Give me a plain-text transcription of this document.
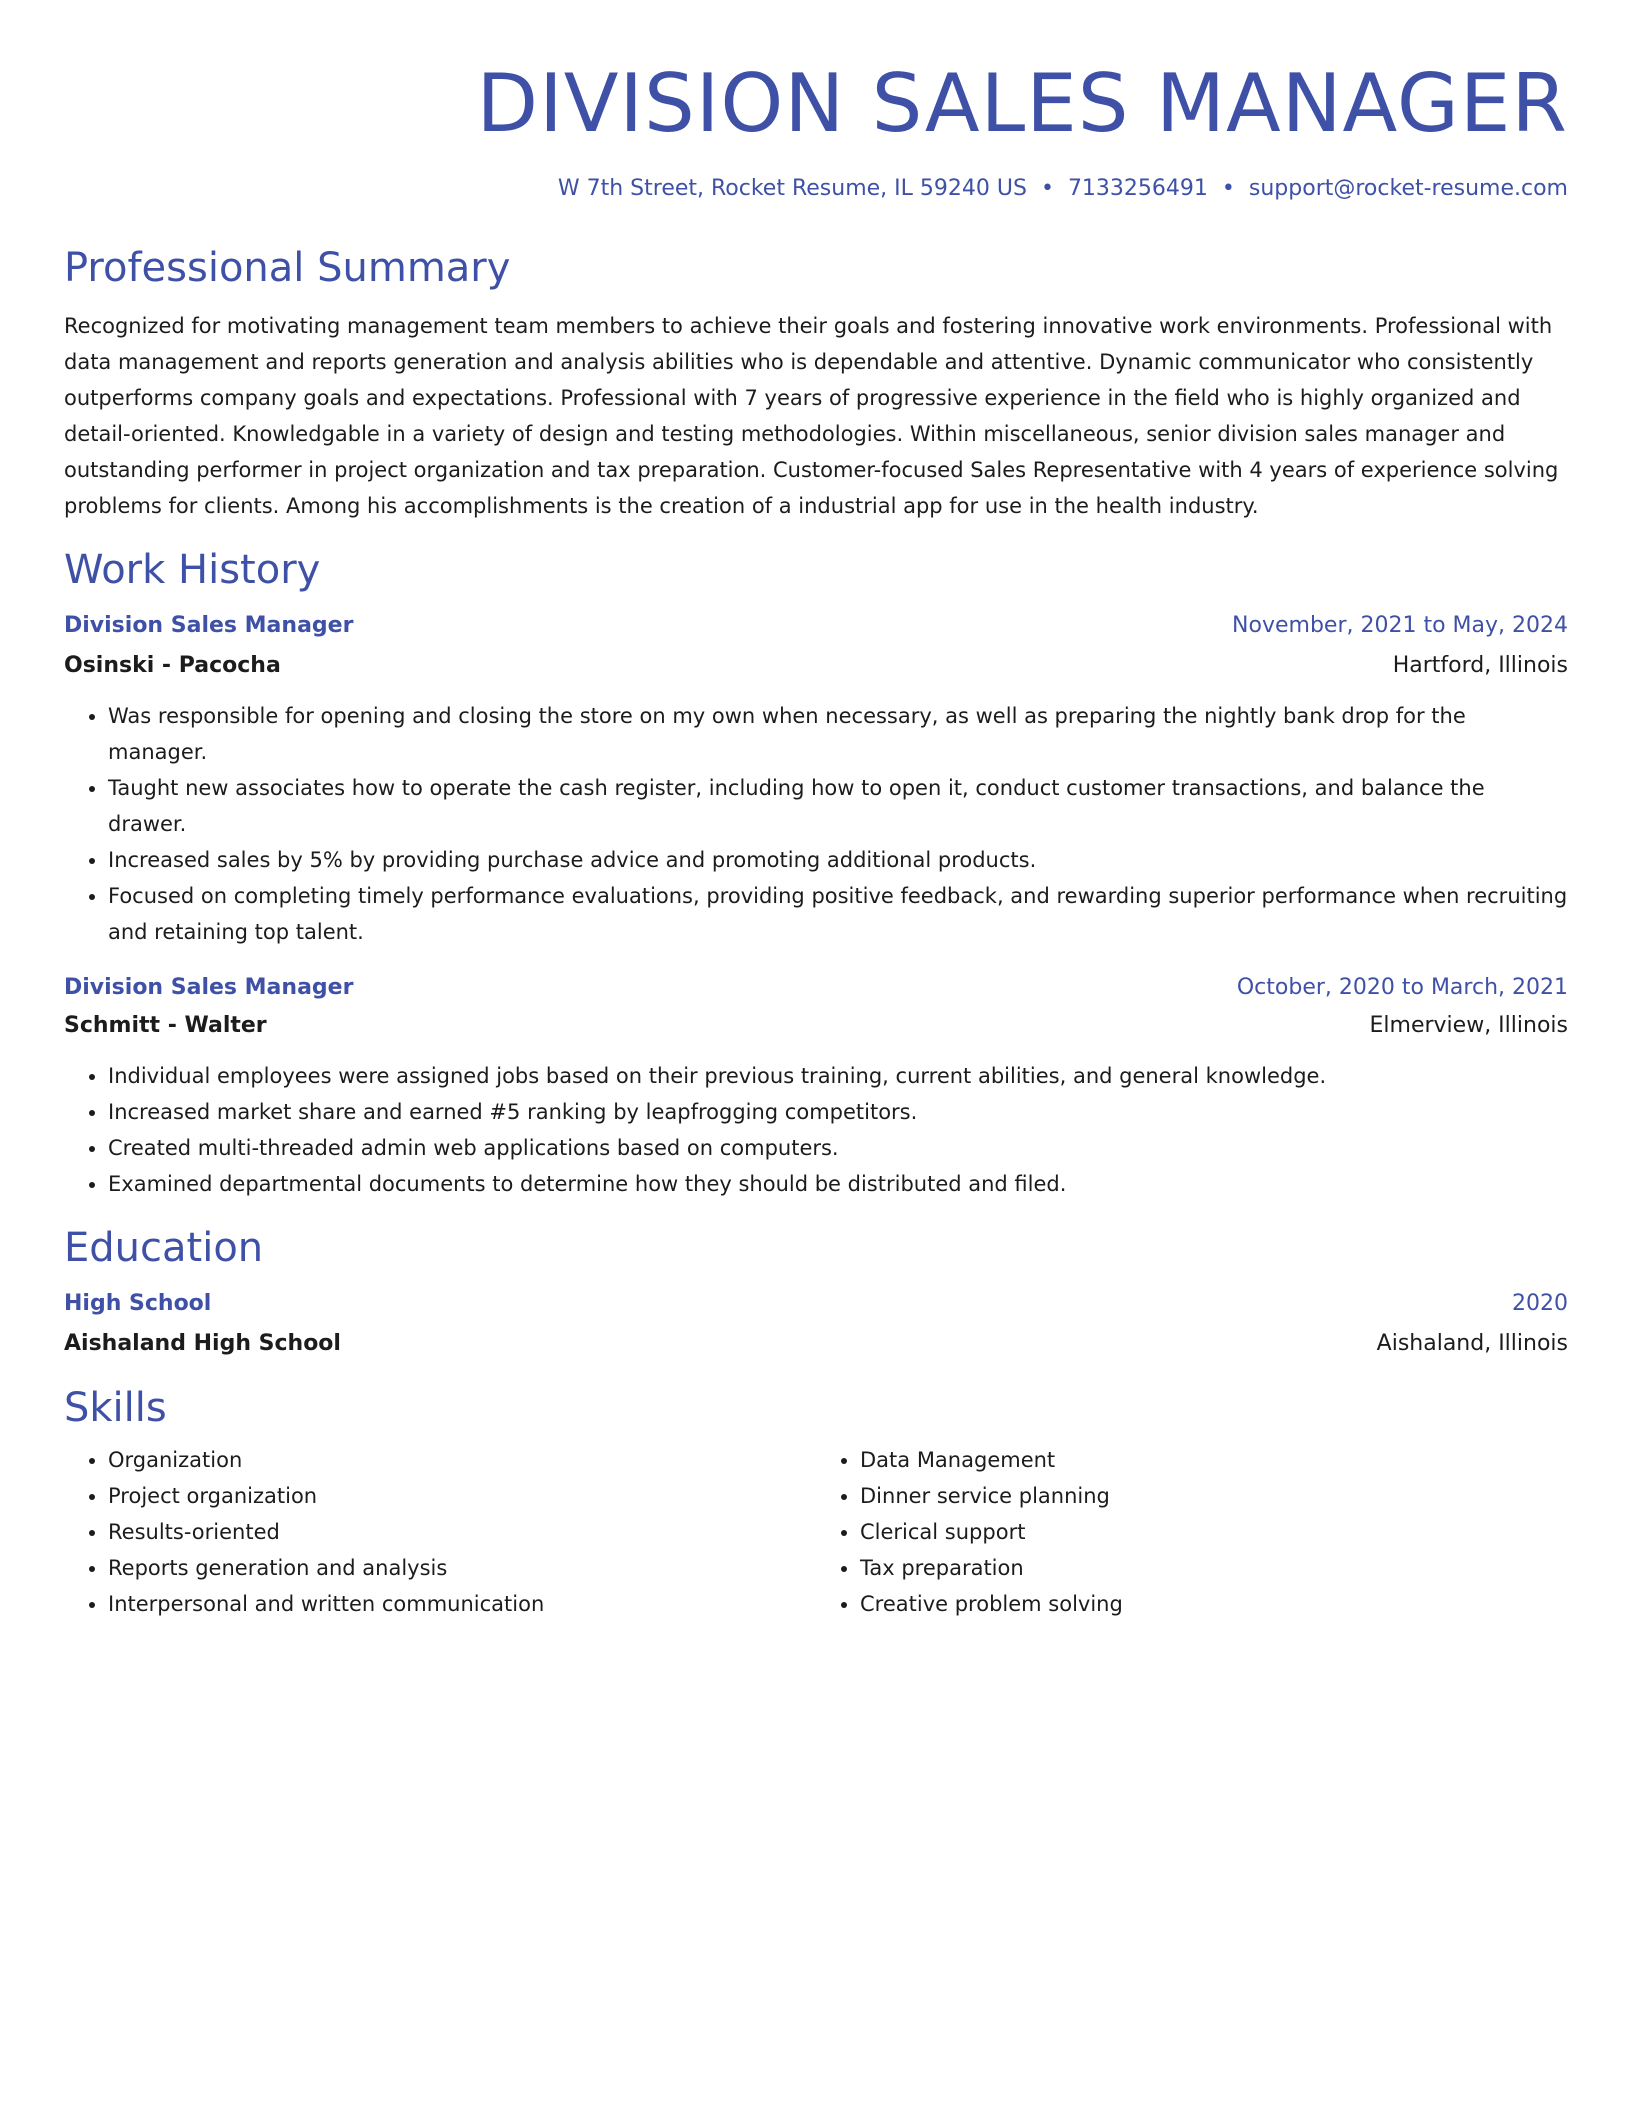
DIVISION SALES MANAGER
W 7th Street, Rocket Resume, IL 59240 US • 7133256491 • support@rocket-resume.com
Professional Summary

Recognized for motivating management team members to achieve their goals and fostering innovative work environments. Professional with data management and reports generation and analysis abilities who is dependable and attentive. Dynamic communicator who consistently outperforms company goals and expectations. Professional with 7 years of progressive experience in the field who is highly organized and detail-oriented. Knowledgable in a variety of design and testing methodologies. Within miscellaneous, senior division sales manager and outstanding performer in project organization and tax preparation. Customer-focused Sales Representative with 4 years of experience solving problems for clients. Among his accomplishments is the creation of a industrial app for use in the health industry.

Work History
Division Sales Manager	November, 2021 to May, 2024
Osinski - Pacocha	Hartford, Illinois
• Was responsible for opening and closing the store on my own when necessary, as well as preparing the nightly bank drop for the manager.
• Taught new associates how to operate the cash register, including how to open it, conduct customer transactions, and balance the drawer.
• Increased sales by 5% by providing purchase advice and promoting additional products.
• Focused on completing timely performance evaluations, providing positive feedback, and rewarding superior performance when recruiting and retaining top talent.
Division Sales Manager	October, 2020 to March, 2021
Schmitt - Walter	Elmerview, Illinois
• Individual employees were assigned jobs based on their previous training, current abilities, and general knowledge.
• Increased market share and earned #5 ranking by leapfrogging competitors.
• Created multi-threaded admin web applications based on computers.
• Examined departmental documents to determine how they should be distributed and filed.
Education
High School	2020
Aishaland High School	Aishaland, Illinois
Skills
• Organization
• Project organization
• Results-oriented
• Reports generation and analysis
• Interpersonal and written communication
• Data Management
• Dinner service planning
• Clerical support
• Tax preparation
• Creative problem solving
